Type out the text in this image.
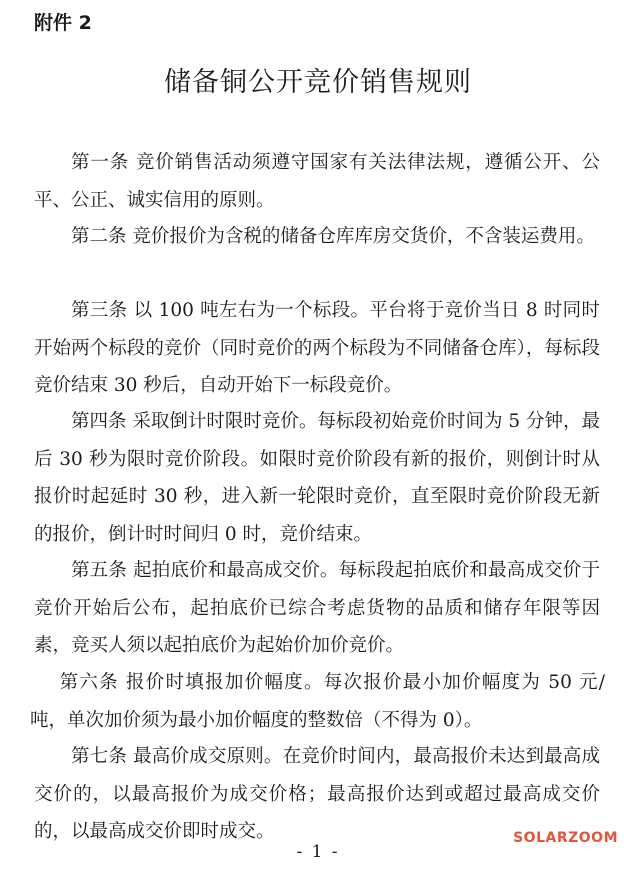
附件 2
储备铜公开竞价销售规则
第一条 竞价销售活动须遵守国家有关法律法规，遵循公开、公平、公正、诚实信用的原则。
第二条 竞价报价为含税的储备仓库库房交货价，不含装运费用。
第三条 以 100 吨左右为一个标段。平台将于竞价当日 8 时同时开始两个标段的竞价（同时竞价的两个标段为不同储备仓库），每标段竞价结束 30 秒后，自动开始下一标段竞价。
第四条 采取倒计时限时竞价。每标段初始竞价时间为 5 分钟，最后 30 秒为限时竞价阶段。如限时竞价阶段有新的报价，则倒计时从报价时起延时 30 秒，进入新一轮限时竞价，直至限时竞价阶段无新的报价，倒计时时间归 0 时，竞价结束。
第五条 起拍底价和最高成交价。每标段起拍底价和最高成交价于竞价开始后公布，起拍底价已综合考虑货物的品质和储存年限等因素，竞买人须以起拍底价为起始价加价竞价。
第六条 报价时填报加价幅度。每次报价最小加价幅度为 50 元/吨，单次加价须为最小加价幅度的整数倍（不得为 0）。
第七条 最高价成交原则。在竞价时间内，最高报价未达到最高成交价的，以最高报价为成交价格；最高报价达到或超过最高成交价的，以最高成交价即时成交。
- 1 -
SOLARZOOM
